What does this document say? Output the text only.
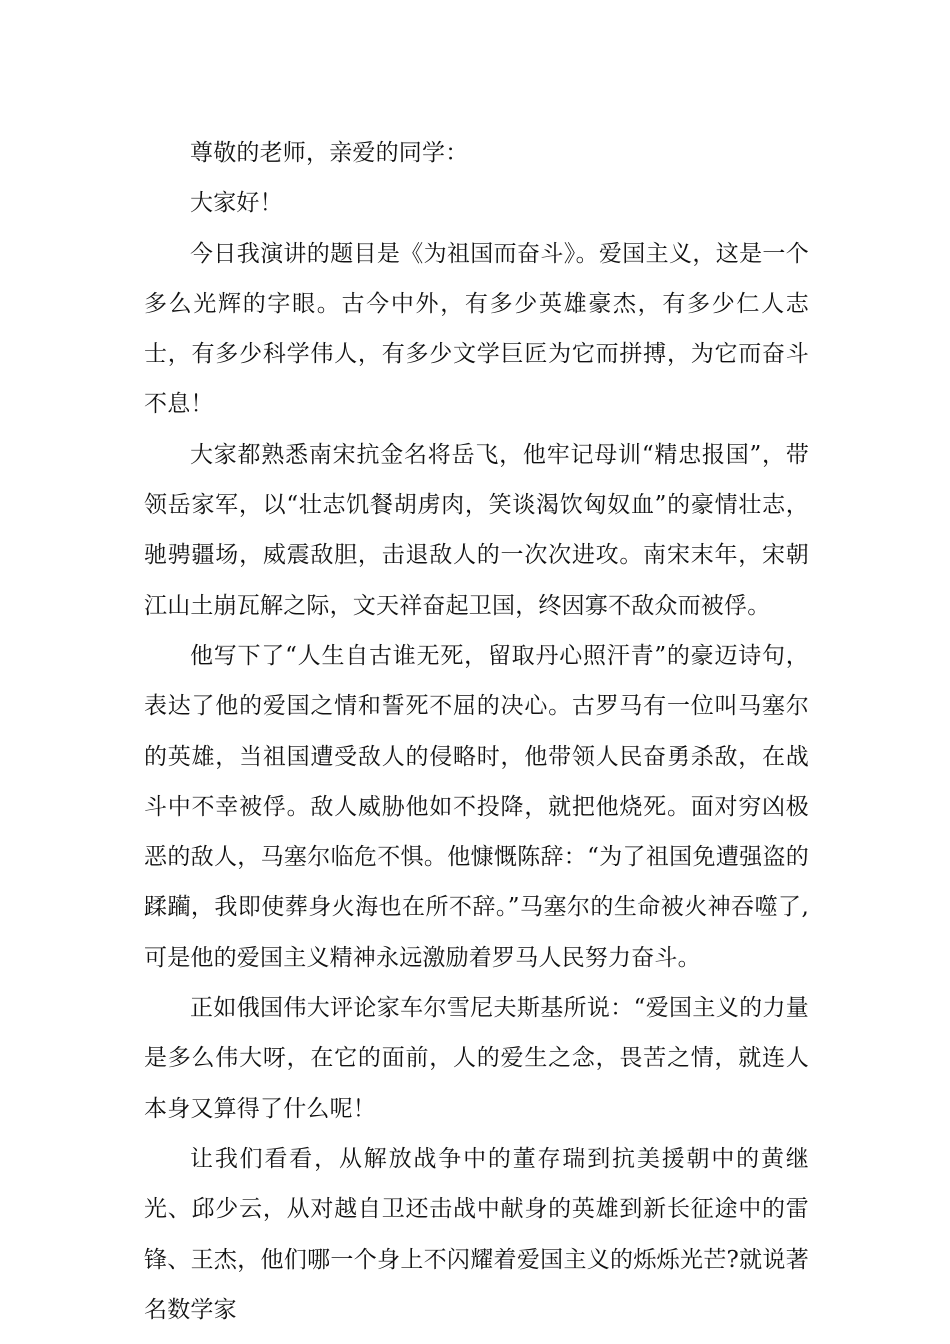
尊敬的老师，亲爱的同学：

大家好！

今日我演讲的题目是《为祖国而奋斗》。爱国主义，这是一个多么光辉的字眼。古今中外，有多少英雄豪杰，有多少仁人志士，有多少科学伟人，有多少文学巨匠为它而拼搏，为它而奋斗不息！

大家都熟悉南宋抗金名将岳飞，他牢记母训“精忠报国”，带领岳家军，以“壮志饥餐胡虏肉，笑谈渴饮匈奴血”的豪情壮志，驰骋疆场，威震敌胆，击退敌人的一次次进攻。南宋末年，宋朝江山土崩瓦解之际，文天祥奋起卫国，终因寡不敌众而被俘。

他写下了“人生自古谁无死，留取丹心照汗青”的豪迈诗句，表达了他的爱国之情和誓死不屈的决心。古罗马有一位叫马塞尔的英雄，当祖国遭受敌人的侵略时，他带领人民奋勇杀敌，在战斗中不幸被俘。敌人威胁他如不投降，就把他烧死。面对穷凶极恶的敌人，马塞尔临危不惧。他慷慨陈辞：“为了祖国免遭强盗的蹂躏，我即使葬身火海也在所不辞。”马塞尔的生命被火神吞噬了,可是他的爱国主义精神永远激励着罗马人民努力奋斗。

正如俄国伟大评论家车尔雪尼夫斯基所说：“爱国主义的力量是多么伟大呀，在它的面前，人的爱生之念，畏苦之情，就连人本身又算得了什么呢！

让我们看看，从解放战争中的董存瑞到抗美援朝中的黄继光、邱少云，从对越自卫还击战中献身的英雄到新长征途中的雷锋、王杰，他们哪一个身上不闪耀着爱国主义的烁烁光芒?就说著名数学家
